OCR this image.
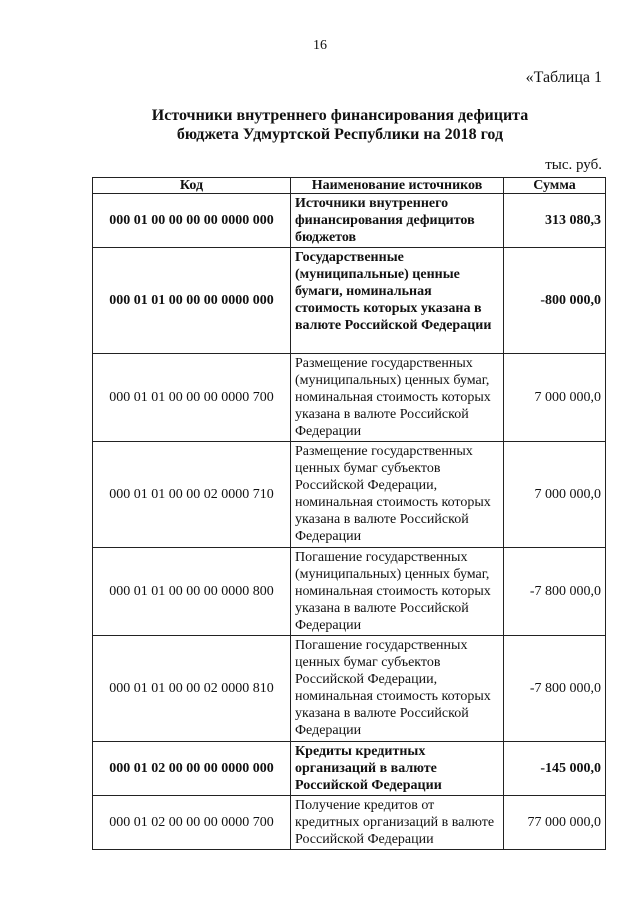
16
«Таблица 1
Источники внутреннего финансирования дефицита
бюджета Удмуртской Республики на 2018 год
тыс. руб.
Код	Наименование источников	Сумма
000 01 00 00 00 00 0000 000	Источники внутреннего финансирования дефицитов бюджетов	313 080,3
000 01 01 00 00 00 0000 000	Государственные (муниципальные) ценные бумаги, номинальная стоимость которых указана в валюте Российской Федерации	-800 000,0
000 01 01 00 00 00 0000 700	Размещение государственных (муниципальных) ценных бумаг, номинальная стоимость которых указана в валюте Российской Федерации	7 000 000,0
000 01 01 00 00 02 0000 710	Размещение государственных ценных бумаг субъектов Российской Федерации, номинальная стоимость которых указана в валюте Российской Федерации	7 000 000,0
000 01 01 00 00 00 0000 800	Погашение государственных (муниципальных) ценных бумаг, номинальная стоимость которых указана в валюте Российской Федерации	-7 800 000,0
000 01 01 00 00 02 0000 810	Погашение государственных ценных бумаг субъектов Российской Федерации, номинальная стоимость которых указана в валюте Российской Федерации	-7 800 000,0
000 01 02 00 00 00 0000 000	Кредиты кредитных организаций в валюте Российской Федерации	-145 000,0
000 01 02 00 00 00 0000 700	Получение кредитов от кредитных организаций в валюте Российской Федерации	77 000 000,0
